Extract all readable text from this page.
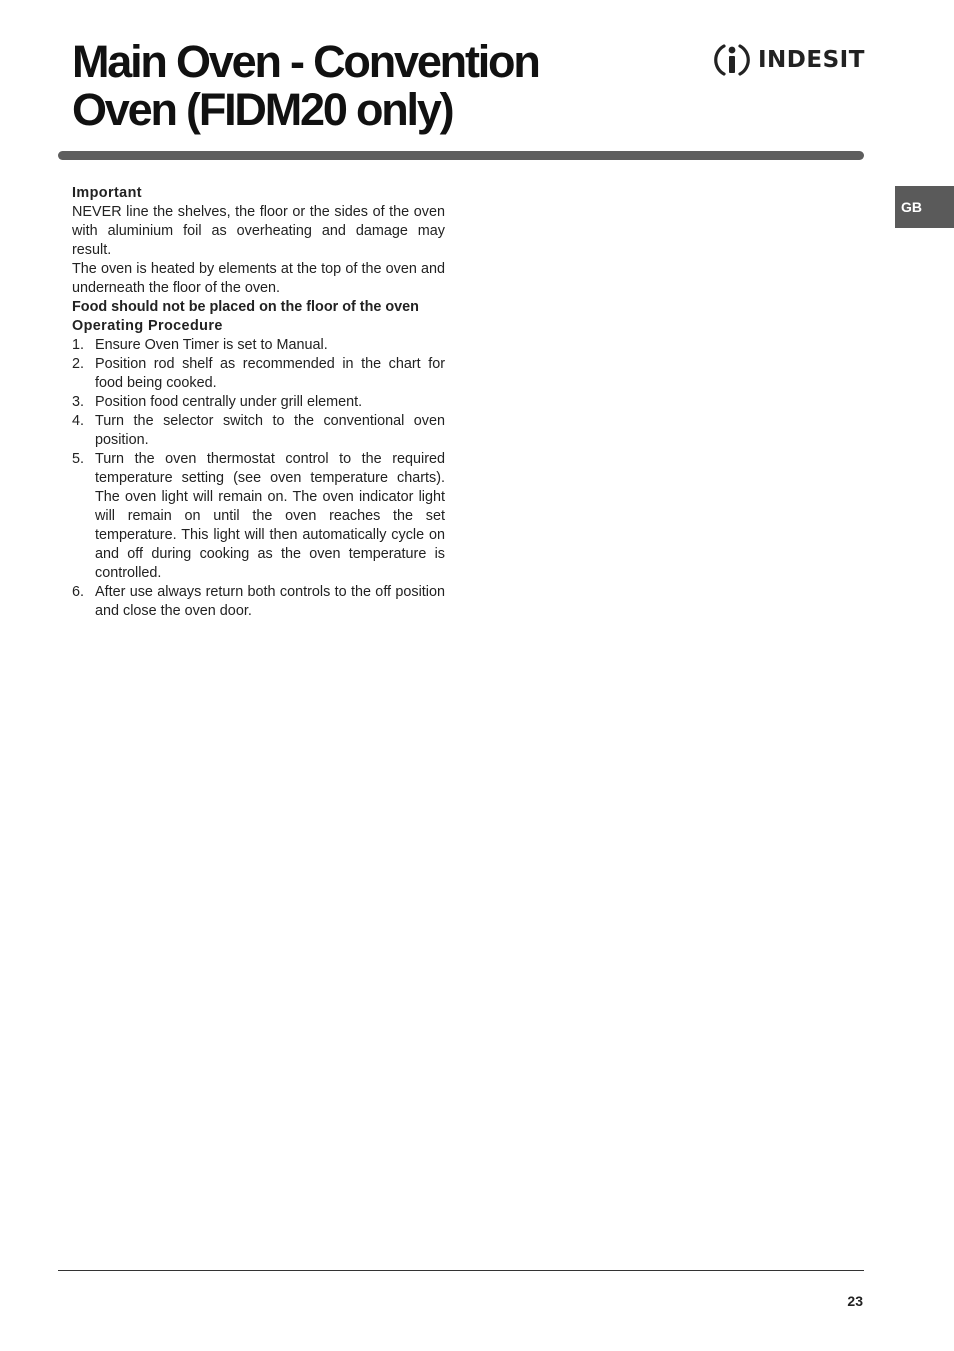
Main Oven - Convention
Oven (FIDM20 only)
INDESIT
GB

Important

NEVER line the shelves, the floor or the sides of the oven with aluminium foil as overheating and damage may result.

The oven is heated by elements at the top of the oven and underneath the floor of the oven.

Food should not be placed on the floor of the oven

Operating Procedure

1. Ensure Oven Timer is set to Manual.
2. Position rod shelf as recommended in the chart for food being cooked.
3. Position food centrally under grill element.
4. Turn the selector switch to the conventional oven position.
5. Turn the oven thermostat control to the required temperature setting (see oven temperature charts). The oven light will remain on. The oven indicator light will remain on until the oven reaches the set temperature. This light will then automatically cycle on and off during cooking as the oven temperature is controlled.
6. After use always return both controls to the off position and close the oven door.
23
